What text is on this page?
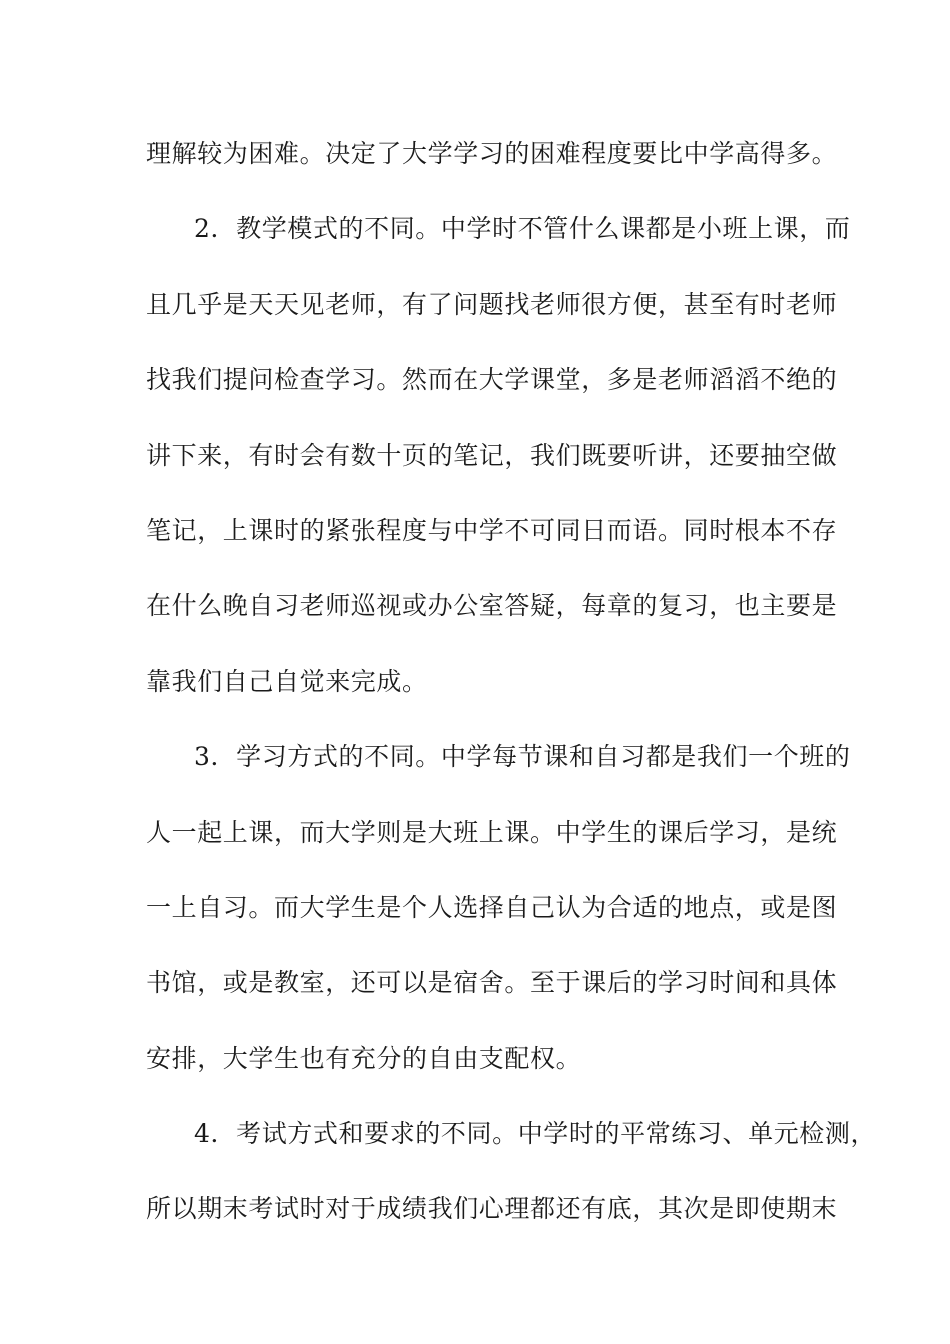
理解较为困难。决定了大学学习的困难程度要比中学高得多。
2．教学模式的不同。中学时不管什么课都是小班上课，而
且几乎是天天见老师，有了问题找老师很方便，甚至有时老师
找我们提问检查学习。然而在大学课堂，多是老师滔滔不绝的
讲下来，有时会有数十页的笔记，我们既要听讲，还要抽空做
笔记，上课时的紧张程度与中学不可同日而语。同时根本不存
在什么晚自习老师巡视或办公室答疑，每章的复习，也主要是
靠我们自己自觉来完成。
3．学习方式的不同。中学每节课和自习都是我们一个班的
人一起上课，而大学则是大班上课。中学生的课后学习，是统
一上自习。而大学生是个人选择自己认为合适的地点，或是图
书馆，或是教室，还可以是宿舍。至于课后的学习时间和具体
安排，大学生也有充分的自由支配权。
4．考试方式和要求的不同。中学时的平常练习、单元检测，
所以期末考试时对于成绩我们心理都还有底，其次是即使期末
